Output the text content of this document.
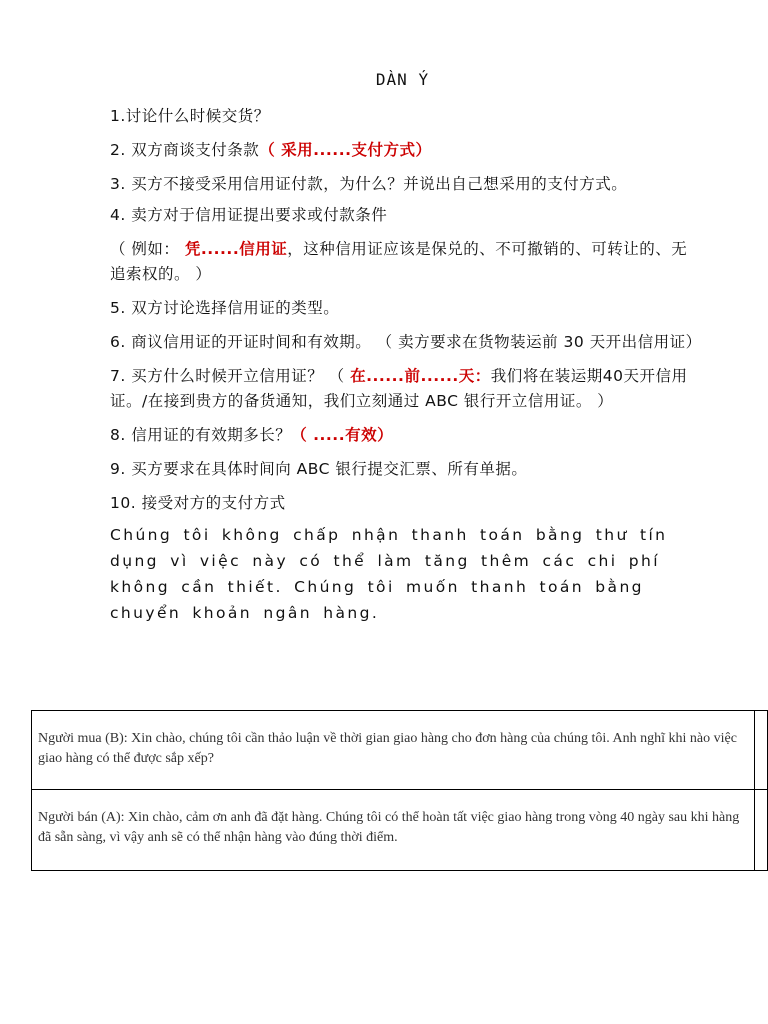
DÀN Ý
1.讨论什么时候交货？
2. 双方商谈支付条款（ 采用......支付方式）
3. 买方不接受采用信用证付款，为什么？并说出自己想采用的支付方式。
4. 卖方对于信用证提出要求或付款条件
（ 例如： 凭......信用证，这种信用证应该是保兑的、不可撤销的、可转让的、无追索权的。 ）
5. 双方讨论选择信用证的类型。
6. 商议信用证的开证时间和有效期。 （ 卖方要求在货物装运前 30 天开出信用证）
7. 买方什么时候开立信用证？ （ 在......前......天：我们将在装运期40天开信用证。/在接到贵方的备货通知，我们立刻通过 ABC 银行开立信用证。 ）
8. 信用证的有效期多长？（ .....有效）
9. 买方要求在具体时间向 ABC 银行提交汇票、所有单据。
10. 接受对方的支付方式
Chúng tôi không chấp nhận thanh toán bằng thư tín dụng vì việc này có thể làm tăng thêm các chi phí không cần thiết. Chúng tôi muốn thanh toán bằng chuyển khoản ngân hàng.
Người mua (B): Xin chào, chúng tôi cần thảo luận về thời gian giao hàng cho đơn hàng của chúng tôi. Anh nghĩ khi nào việc giao hàng có thể được sắp xếp?	
Người bán (A): Xin chào, cảm ơn anh đã đặt hàng. Chúng tôi có thể hoàn tất việc giao hàng trong vòng 40 ngày sau khi hàng đã sẵn sàng, vì vậy anh sẽ có thể nhận hàng vào đúng thời điểm.	
